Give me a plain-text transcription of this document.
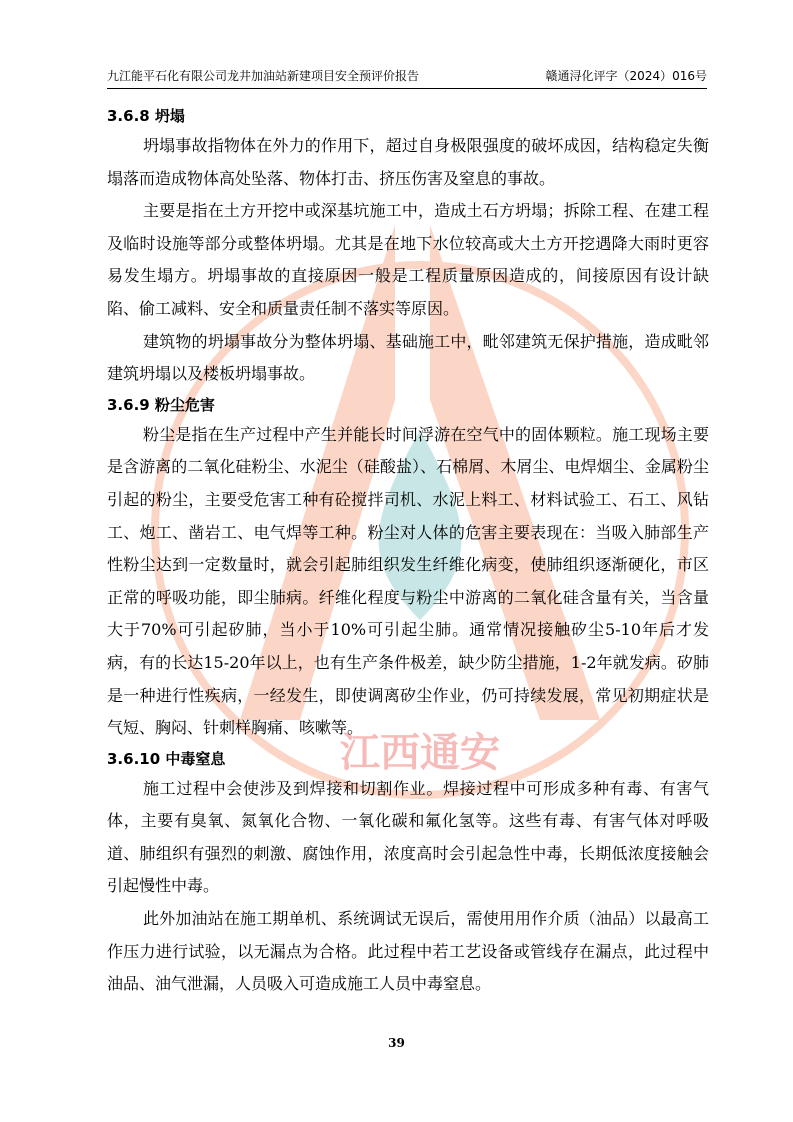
九江能平石化有限公司龙井加油站新建项目安全预评价报告	赣通浔化评字（2024）016号
江西通安
3.6.8 坍塌

坍塌事故指物体在外力的作用下，超过自身极限强度的破坏成因，结构稳定失衡塌落而造成物体高处坠落、物体打击、挤压伤害及窒息的事故。

主要是指在土方开挖中或深基坑施工中，造成土石方坍塌；拆除工程、在建工程及临时设施等部分或整体坍塌。尤其是在地下水位较高或大土方开挖遇降大雨时更容易发生塌方。坍塌事故的直接原因一般是工程质量原因造成的，间接原因有设计缺陷、偷工减料、安全和质量责任制不落实等原因。

建筑物的坍塌事故分为整体坍塌、基础施工中，毗邻建筑无保护措施，造成毗邻建筑坍塌以及楼板坍塌事故。

3.6.9 粉尘危害

粉尘是指在生产过程中产生并能长时间浮游在空气中的固体颗粒。施工现场主要是含游离的二氧化硅粉尘、水泥尘（硅酸盐）、石棉屑、木屑尘、电焊烟尘、金属粉尘引起的粉尘，主要受危害工种有砼搅拌司机、水泥上料工、材料试验工、石工、风钻工、炮工、凿岩工、电气焊等工种。粉尘对人体的危害主要表现在：当吸入肺部生产性粉尘达到一定数量时，就会引起肺组织发生纤维化病变，使肺组织逐渐硬化，市区正常的呼吸功能，即尘肺病。纤维化程度与粉尘中游离的二氧化硅含量有关，当含量大于70%可引起矽肺，当小于10%可引起尘肺。通常情况接触矽尘5-10年后才发病，有的长达15-20年以上，也有生产条件极差，缺少防尘措施，1-2年就发病。矽肺是一种进行性疾病，一经发生，即使调离矽尘作业，仍可持续发展，常见初期症状是气短、胸闷、针刺样胸痛、咳嗽等。

3.6.10 中毒窒息

施工过程中会使涉及到焊接和切割作业。焊接过程中可形成多种有毒、有害气体，主要有臭氧、氮氧化合物、一氧化碳和氟化氢等。这些有毒、有害气体对呼吸道、肺组织有强烈的刺激、腐蚀作用，浓度高时会引起急性中毒，长期低浓度接触会引起慢性中毒。

此外加油站在施工期单机、系统调试无误后，需使用用作介质（油品）以最高工作压力进行试验，以无漏点为合格。此过程中若工艺设备或管线存在漏点，此过程中油品、油气泄漏，人员吸入可造成施工人员中毒窒息。

39
